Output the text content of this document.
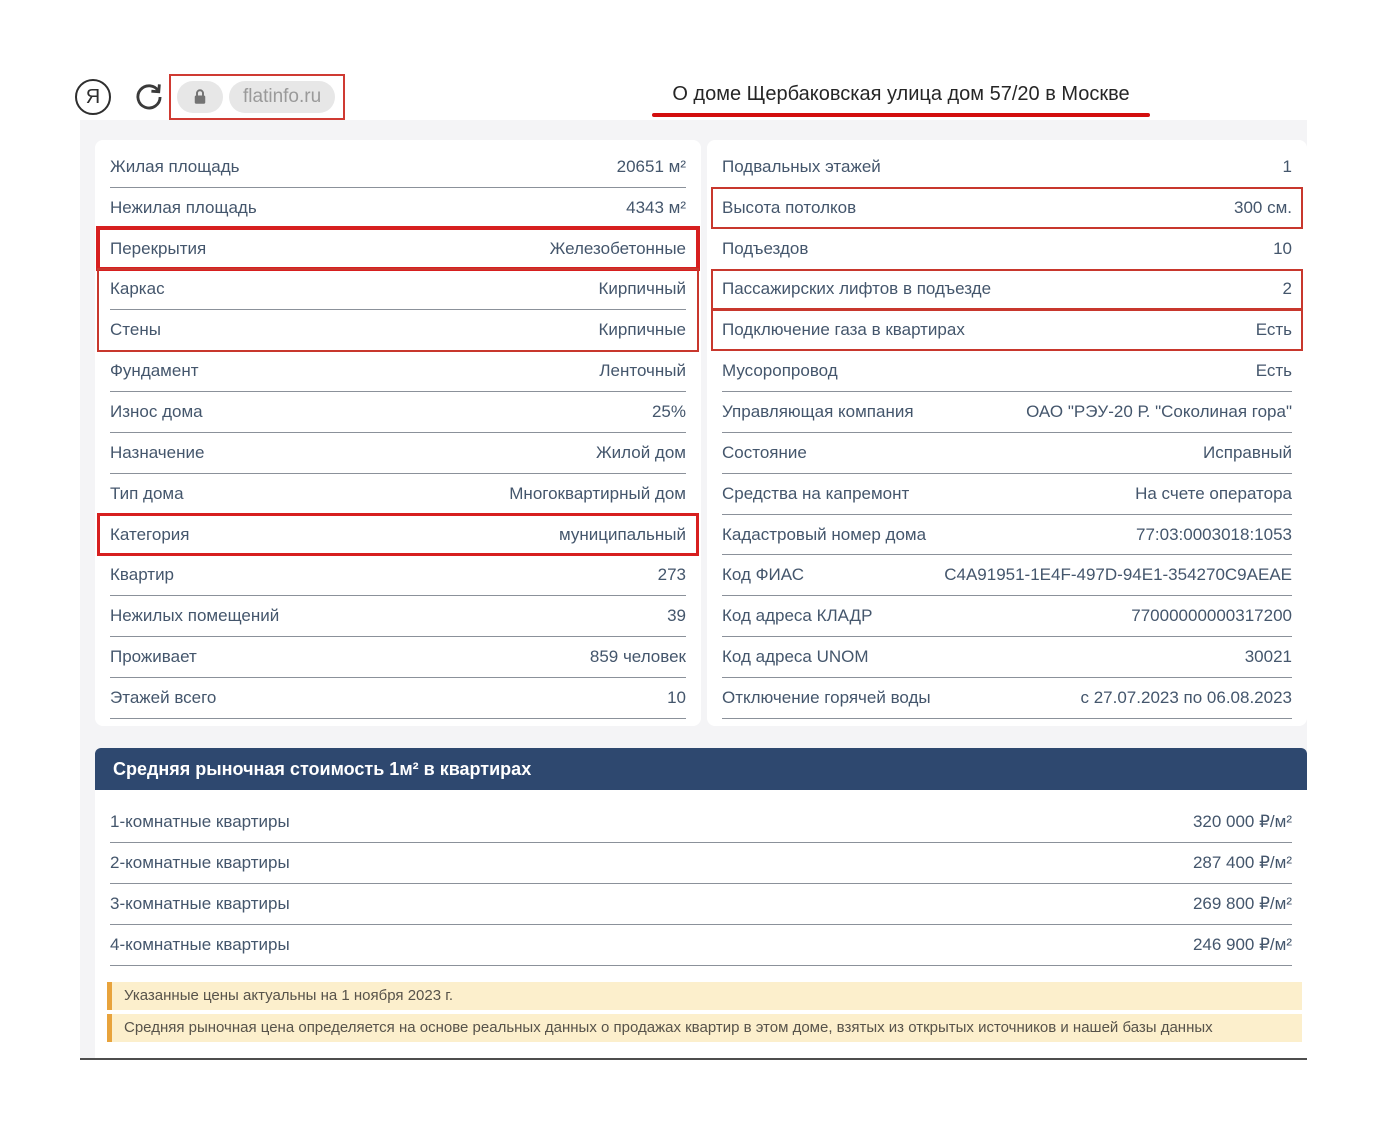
Я	flatinfo.ru	О доме Щербаковская улица дом 57/20 в Москве
Жилая площадь	20651 м²
Нежилая площадь	4343 м²
Перекрытия	Железобетонные
Каркас	Кирпичный
Стены	Кирпичные
Фундамент	Ленточный
Износ дома	25%
Назначение	Жилой дом
Тип дома	Многоквартирный дом
Категория	муниципальный
Квартир	273
Нежилых помещений	39
Проживает	859 человек
Этажей всего	10
Подвальных этажей	1
Высота потолков	300 см.
Подъездов	10
Пассажирских лифтов в подъезде	2
Подключение газа в квартирах	Есть
Мусоропровод	Есть
Управляющая компания	ОАО "РЭУ-20 Р. "Соколиная гора"
Состояние	Исправный
Средства на капремонт	На счете оператора
Кадастровый номер дома	77:03:0003018:1053
Код ФИАС	C4A91951-1E4F-497D-94E1-354270C9AEAE
Код адреса КЛАДР	77000000000317200
Код адреса UNOM	30021
Отключение горячей воды	с 27.07.2023 по 06.08.2023
Средняя рыночная стоимость 1м² в квартирах
1-комнатные квартиры	320 000 ₽/м²
2-комнатные квартиры	287 400 ₽/м²
3-комнатные квартиры	269 800 ₽/м²
4-комнатные квартиры	246 900 ₽/м²
Указанные цены актуальны на 1 ноября 2023 г.
Средняя рыночная цена определяется на основе реальных данных о продажах квартир в этом доме, взятых из открытых источников и нашей базы данных
